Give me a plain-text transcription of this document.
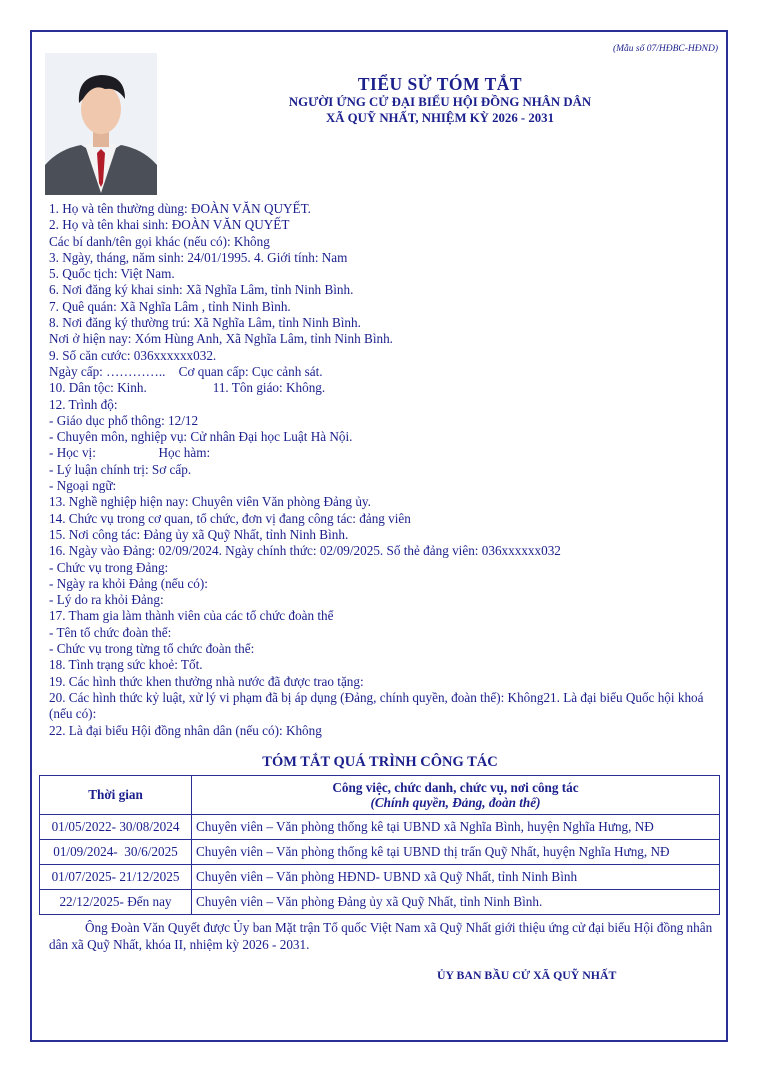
(Mẫu số 07/HĐBC-HĐND)
TIỂU SỬ TÓM TẮT
NGƯỜI ỨNG CỬ ĐẠI BIỂU HỘI ĐỒNG NHÂN DÂN
XÃ QUỸ NHẤT, NHIỆM KỲ 2026 - 2031
1. Họ và tên thường dùng: ĐOÀN VĂN QUYẾT.
2. Họ và tên khai sinh: ĐOÀN VĂN QUYẾT
Các bí danh/tên gọi khác (nếu có): Không
3. Ngày, tháng, năm sinh: 24/01/1995. 4. Giới tính: Nam
5. Quốc tịch: Việt Nam.
6. Nơi đăng ký khai sinh: Xã Nghĩa Lâm, tỉnh Ninh Bình.
7. Quê quán: Xã Nghĩa Lâm , tỉnh Ninh Bình.
8. Nơi đăng ký thường trú: Xã Nghĩa Lâm, tỉnh Ninh Bình.
Nơi ở hiện nay: Xóm Hùng Anh, Xã Nghĩa Lâm, tỉnh Ninh Bình.
9. Số căn cước: 036xxxxxx032.
Ngày cấp: …………..    Cơ quan cấp: Cục cảnh sát.
10. Dân tộc: Kinh.                    11. Tôn giáo: Không.
12. Trình độ:
- Giáo dục phổ thông: 12/12
- Chuyên môn, nghiệp vụ: Cử nhân Đại học Luật Hà Nội.
- Học vị:                   Học hàm:
- Lý luận chính trị: Sơ cấp.
- Ngoại ngữ:
13. Nghề nghiệp hiện nay: Chuyên viên Văn phòng Đảng ủy.
14. Chức vụ trong cơ quan, tổ chức, đơn vị đang công tác: đảng viên
15. Nơi công tác: Đảng ủy xã Quỹ Nhất, tỉnh Ninh Bình.
16. Ngày vào Đảng: 02/09/2024. Ngày chính thức: 02/09/2025. Số thẻ đảng viên: 036xxxxxx032
- Chức vụ trong Đảng:
- Ngày ra khỏi Đảng (nếu có):
- Lý do ra khỏi Đảng:
17. Tham gia làm thành viên của các tổ chức đoàn thể
- Tên tổ chức đoàn thể:
- Chức vụ trong từng tổ chức đoàn thể:
18. Tình trạng sức khoẻ: Tốt.
19. Các hình thức khen thưởng nhà nước đã được trao tặng:
20. Các hình thức kỷ luật, xử lý vi phạm đã bị áp dụng (Đảng, chính quyền, đoàn thể): Không21. Là đại biểu Quốc hội khoá (nếu có):
22. Là đại biểu Hội đồng nhân dân (nếu có): Không
TÓM TẮT QUÁ TRÌNH CÔNG TÁC
Thời gian	Công việc, chức danh, chức vụ, nơi công tác
(Chính quyền, Đảng, đoàn thể)

01/05/2022- 30/08/2024	Chuyên viên – Văn phòng thống kê tại UBND xã Nghĩa Bình, huyện Nghĩa Hưng, NĐ
01/09/2024-  30/6/2025	Chuyên viên – Văn phòng thống kê tại UBND thị trấn Quỹ Nhất, huyện Nghĩa Hưng, NĐ
01/07/2025- 21/12/2025	Chuyên viên – Văn phòng HĐND- UBND xã Quỹ Nhất, tỉnh Ninh Bình
22/12/2025- Đến nay	Chuyên viên – Văn phòng Đảng ủy xã Quỹ Nhất, tỉnh Ninh Bình.
Ông Đoàn Văn Quyết được Ủy ban Mặt trận Tổ quốc Việt Nam xã Quỹ Nhất giới thiệu ứng cử đại biểu Hội đồng nhân dân xã Quỹ Nhất, khóa II, nhiệm kỳ 2026 - 2031.
ỦY BAN BẦU CỬ XÃ QUỸ NHẤT
